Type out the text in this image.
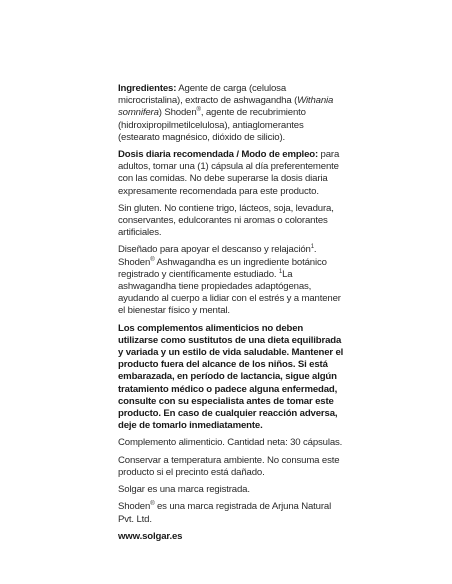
Ingredientes: Agente de carga (celulosa microcristalina), extracto de ashwagandha (Withania somnifera) Shoden®, agente de recubrimiento (hidroxipropilmetilcelulosa), antiaglomerantes (estearato magnésico, dióxido de silicio).

Dosis diaria recomendada / Modo de empleo: para adultos, tomar una (1) cápsula al día preferentemente con las comidas. No debe superarse la dosis diaria expresamente recomendada para este producto.

Sin gluten. No contiene trigo, lácteos, soja, levadura, conservantes, edulcorantes ni aromas o colorantes artificiales.

Diseñado para apoyar el descanso y relajación$^1$. Shoden® Ashwagandha es un ingrediente botánico registrado y científicamente estudiado. $^1$La ashwagandha tiene propiedades adaptógenas, ayudando al cuerpo a lidiar con el estrés y a mantener el bienestar físico y mental.

Los complementos alimenticios no deben utilizarse como sustitutos de una dieta equilibrada y variada y un estilo de vida saludable. Mantener el producto fuera del alcance de los niños. Si está embarazada, en período de lactancia, sigue algún tratamiento médico o padece alguna enfermedad, consulte con su especialista antes de tomar este producto. En caso de cualquier reacción adversa, deje de tomarlo inmediatamente.

Complemento alimenticio. Cantidad neta: 30 cápsulas.

Conservar a temperatura ambiente. No consuma este producto si el precinto está dañado.

Solgar es una marca registrada.

Shoden® es una marca registrada de Arjuna Natural Pvt. Ltd.

www.solgar.es
